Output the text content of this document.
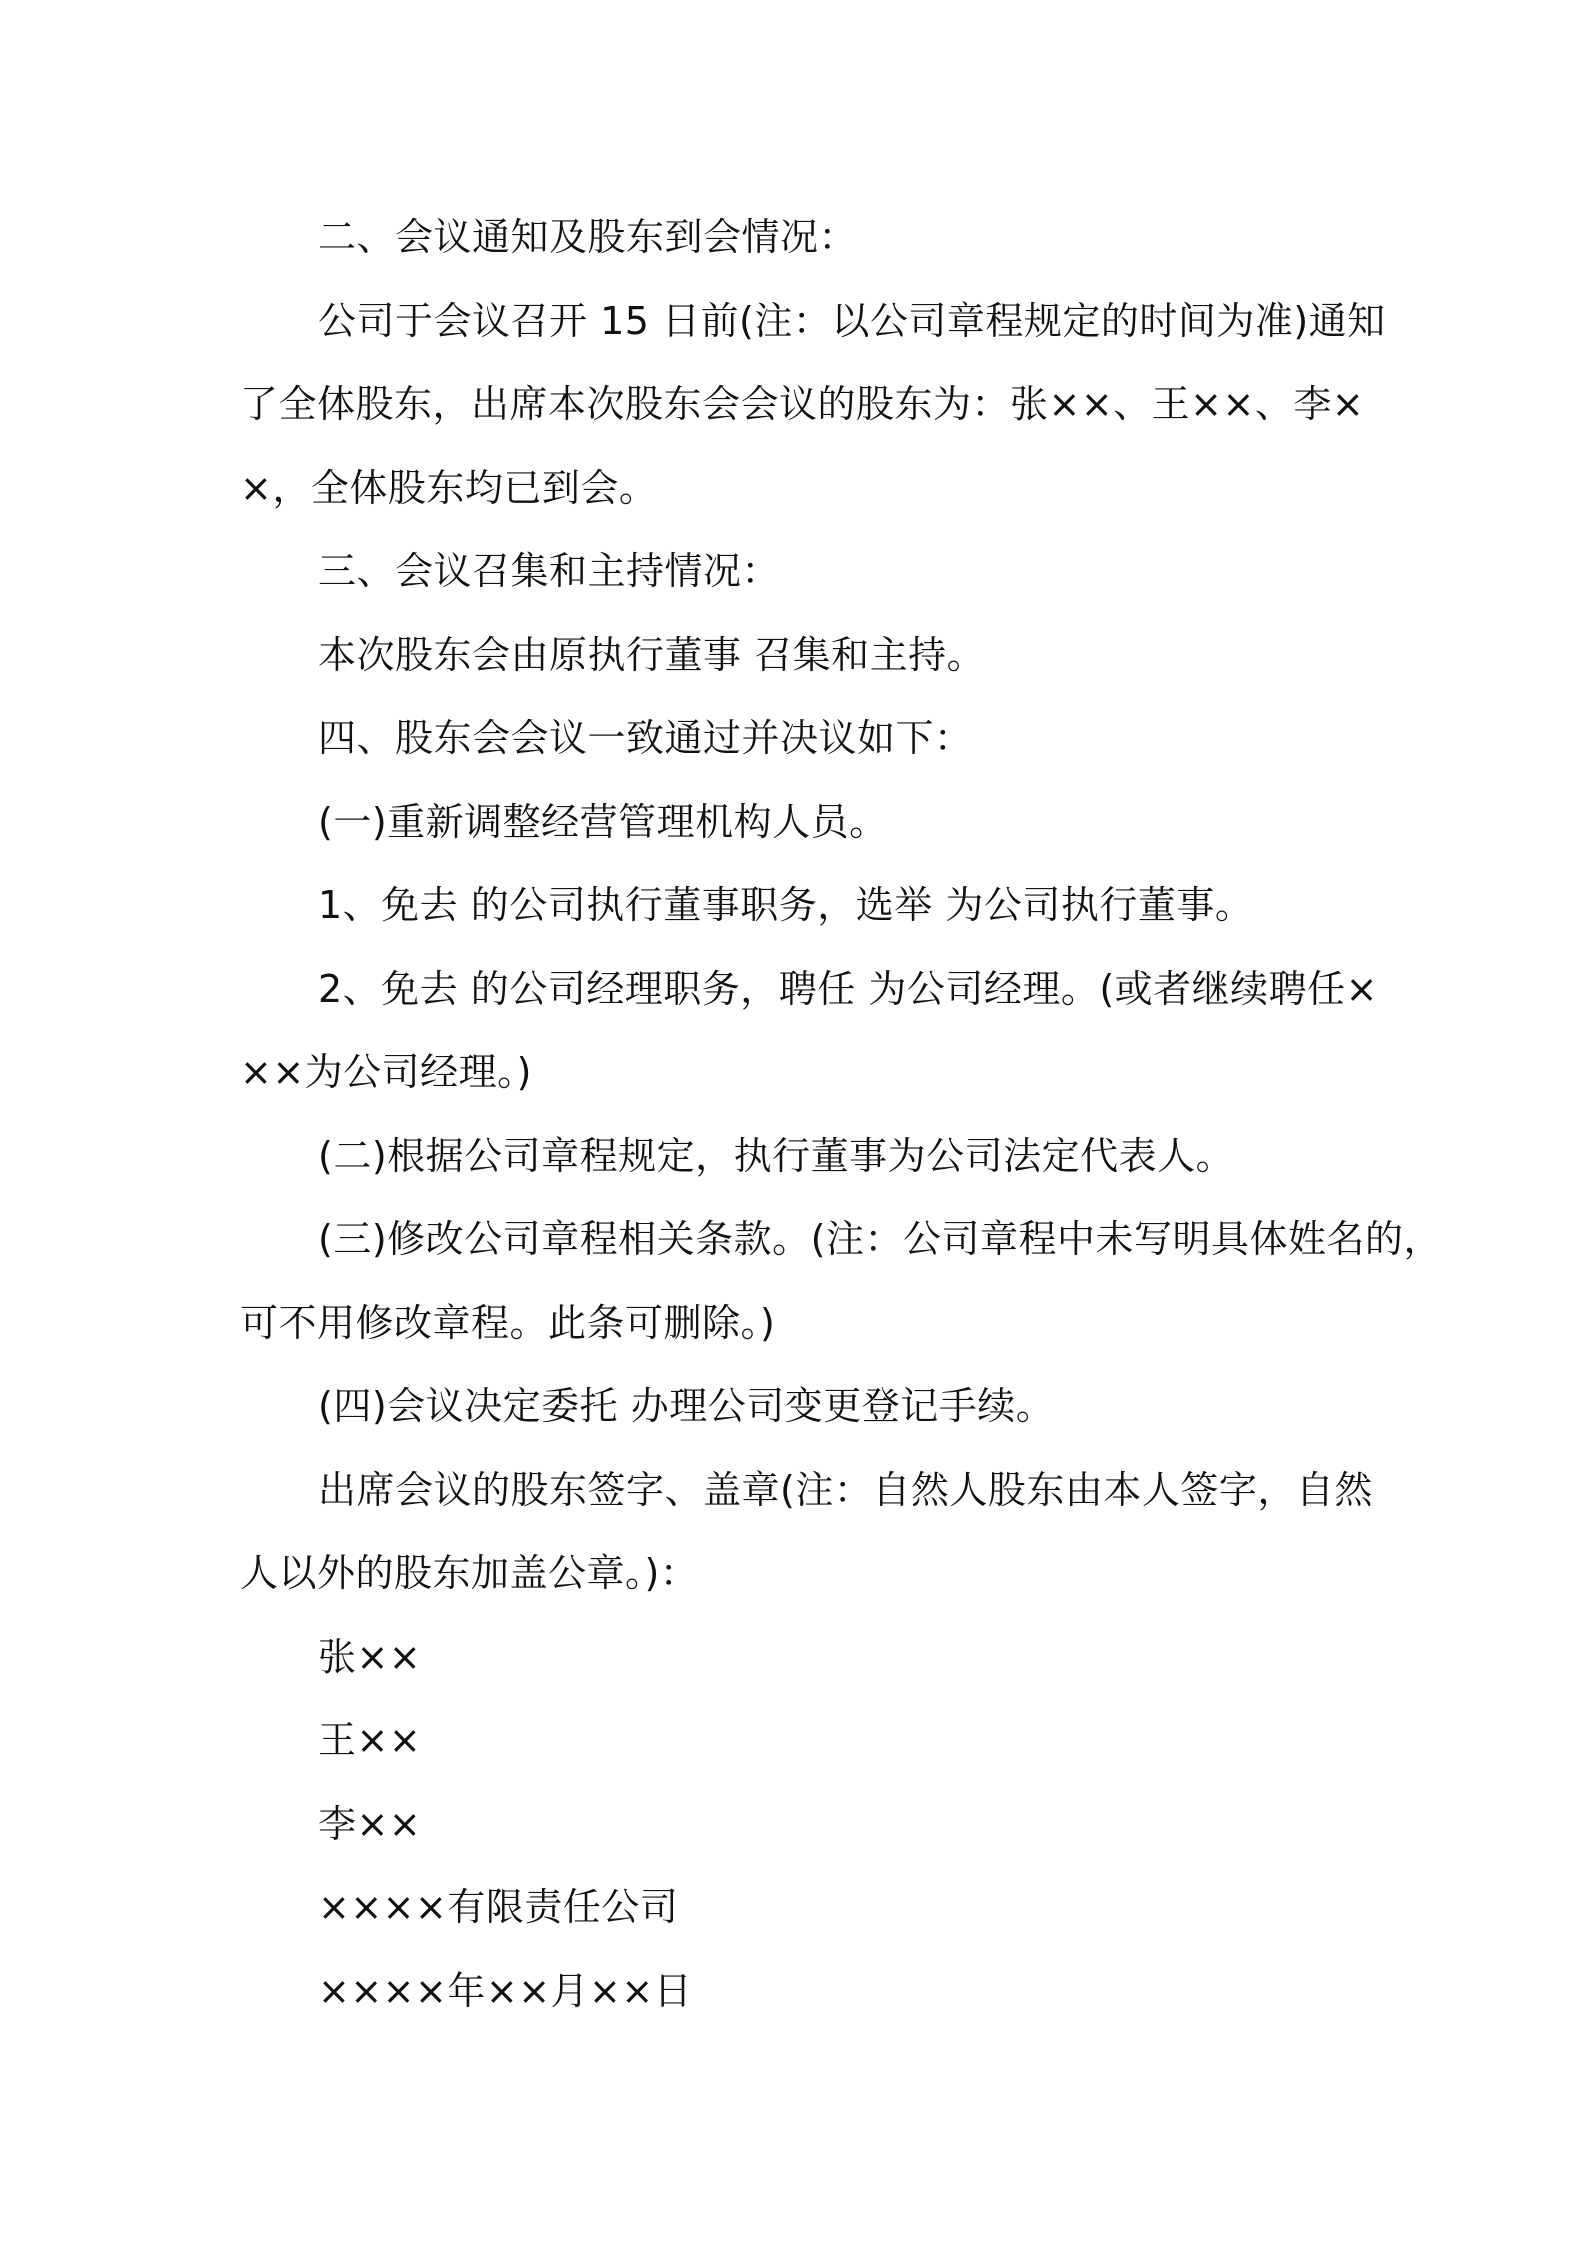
二、会议通知及股东到会情况：

公司于会议召开 15 日前(注：以公司章程规定的时间为准)通知

了全体股东，出席本次股东会会议的股东为：张××、王××、李×

×，全体股东均已到会。

三、会议召集和主持情况：

本次股东会由原执行董事 召集和主持。

四、股东会会议一致通过并决议如下：

(一)重新调整经营管理机构人员。

1、免去 的公司执行董事职务，选举 为公司执行董事。

2、免去 的公司经理职务，聘任 为公司经理。(或者继续聘任×

××为公司经理。)

(二)根据公司章程规定，执行董事为公司法定代表人。

(三)修改公司章程相关条款。(注：公司章程中未写明具体姓名的，

可不用修改章程。此条可删除。)

(四)会议决定委托 办理公司变更登记手续。

出席会议的股东签字、盖章(注：自然人股东由本人签字，自然

人以外的股东加盖公章。)：

张××

王××

李××

××××有限责任公司

××××年××月××日
